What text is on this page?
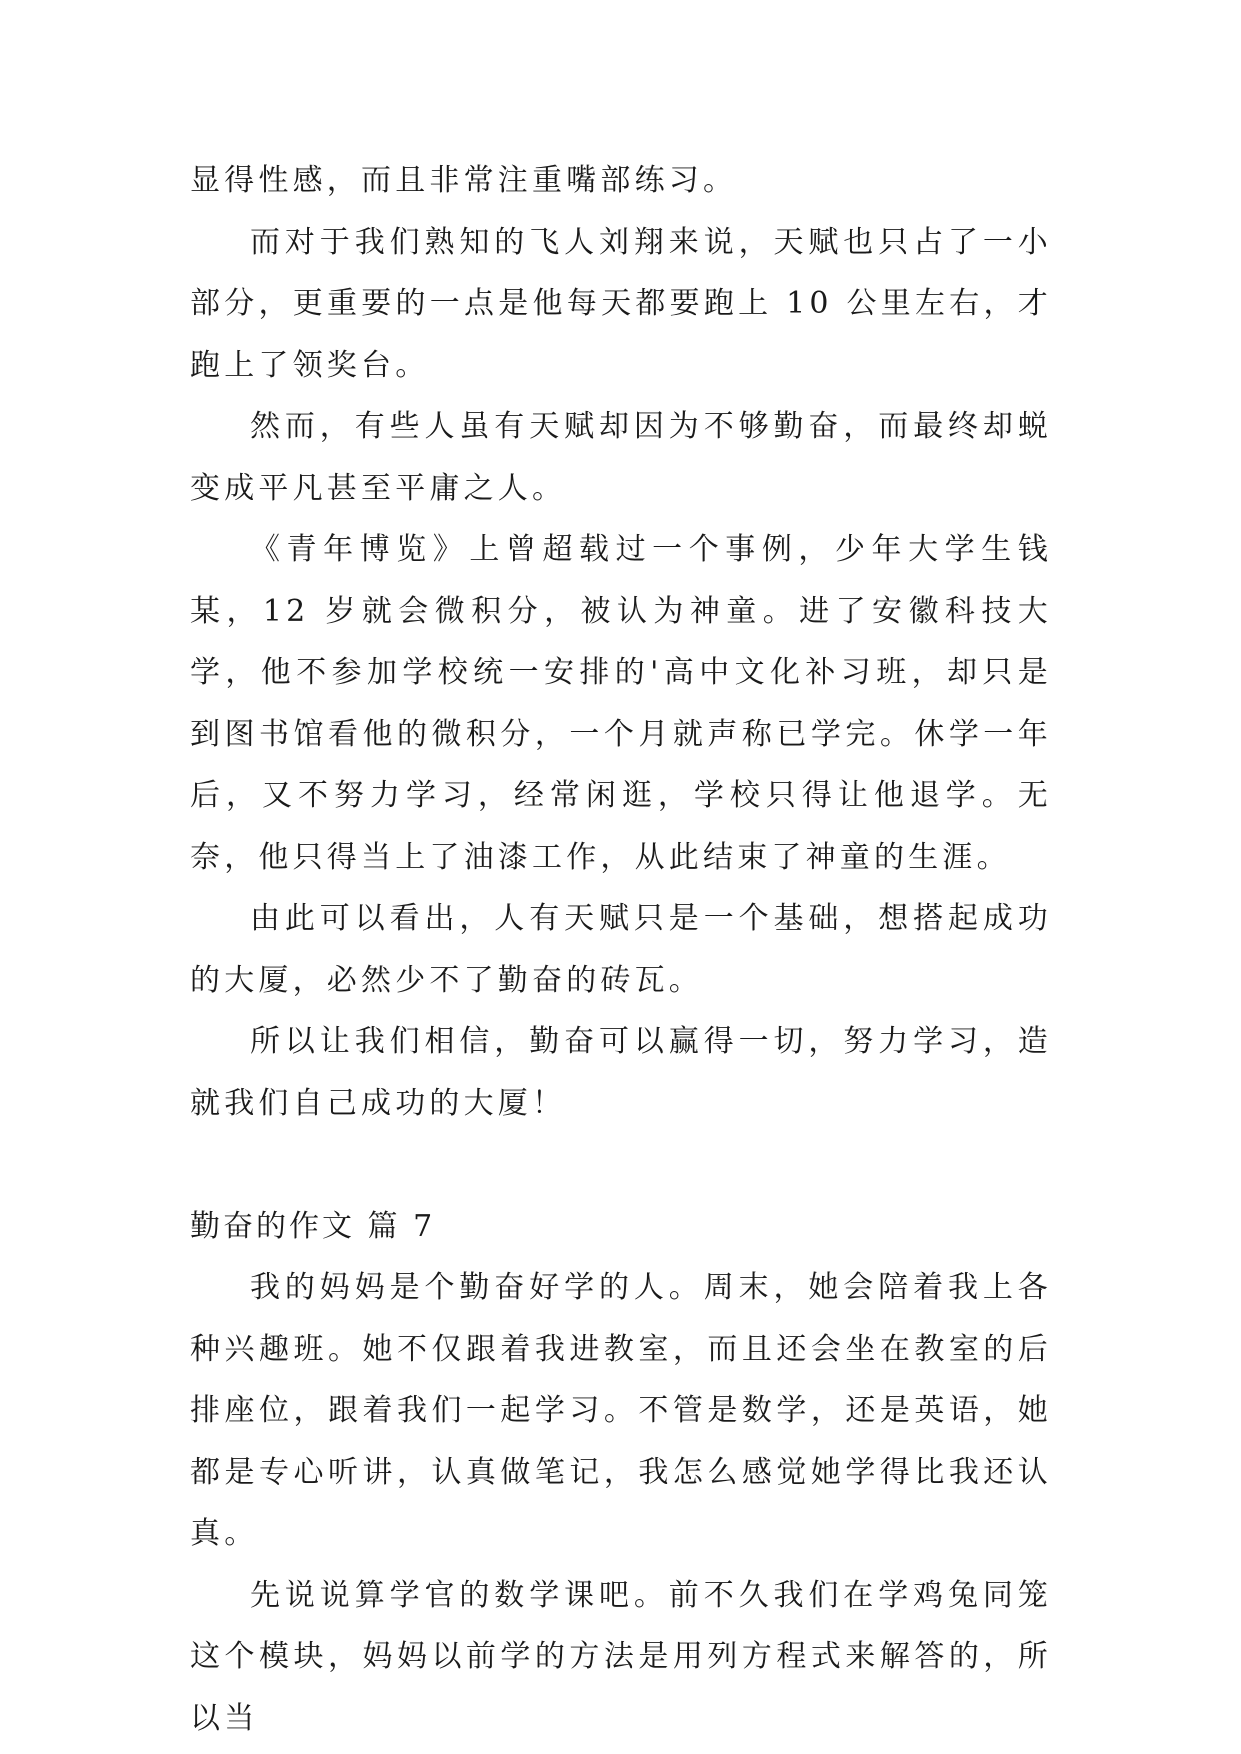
显得性感，而且非常注重嘴部练习。

而对于我们熟知的飞人刘翔来说，天赋也只占了一小部分，更重要的一点是他每天都要跑上 10 公里左右，才跑上了领奖台。

然而，有些人虽有天赋却因为不够勤奋，而最终却蜕变成平凡甚至平庸之人。

《青年博览》上曾超载过一个事例，少年大学生钱某，12 岁就会微积分，被认为神童。进了安徽科技大学，他不参加学校统一安排的'高中文化补习班，却只是到图书馆看他的微积分，一个月就声称已学完。休学一年后，又不努力学习，经常闲逛，学校只得让他退学。无奈，他只得当上了油漆工作，从此结束了神童的生涯。

由此可以看出，人有天赋只是一个基础，想搭起成功的大厦，必然少不了勤奋的砖瓦。

所以让我们相信，勤奋可以赢得一切，努力学习，造就我们自己成功的大厦！

勤奋的作文 篇 7

我的妈妈是个勤奋好学的人。周末，她会陪着我上各种兴趣班。她不仅跟着我进教室，而且还会坐在教室的后排座位，跟着我们一起学习。不管是数学，还是英语，她都是专心听讲，认真做笔记，我怎么感觉她学得比我还认真。

先说说算学官的数学课吧。前不久我们在学鸡兔同笼这个模块，妈妈以前学的方法是用列方程式来解答的，所以当
